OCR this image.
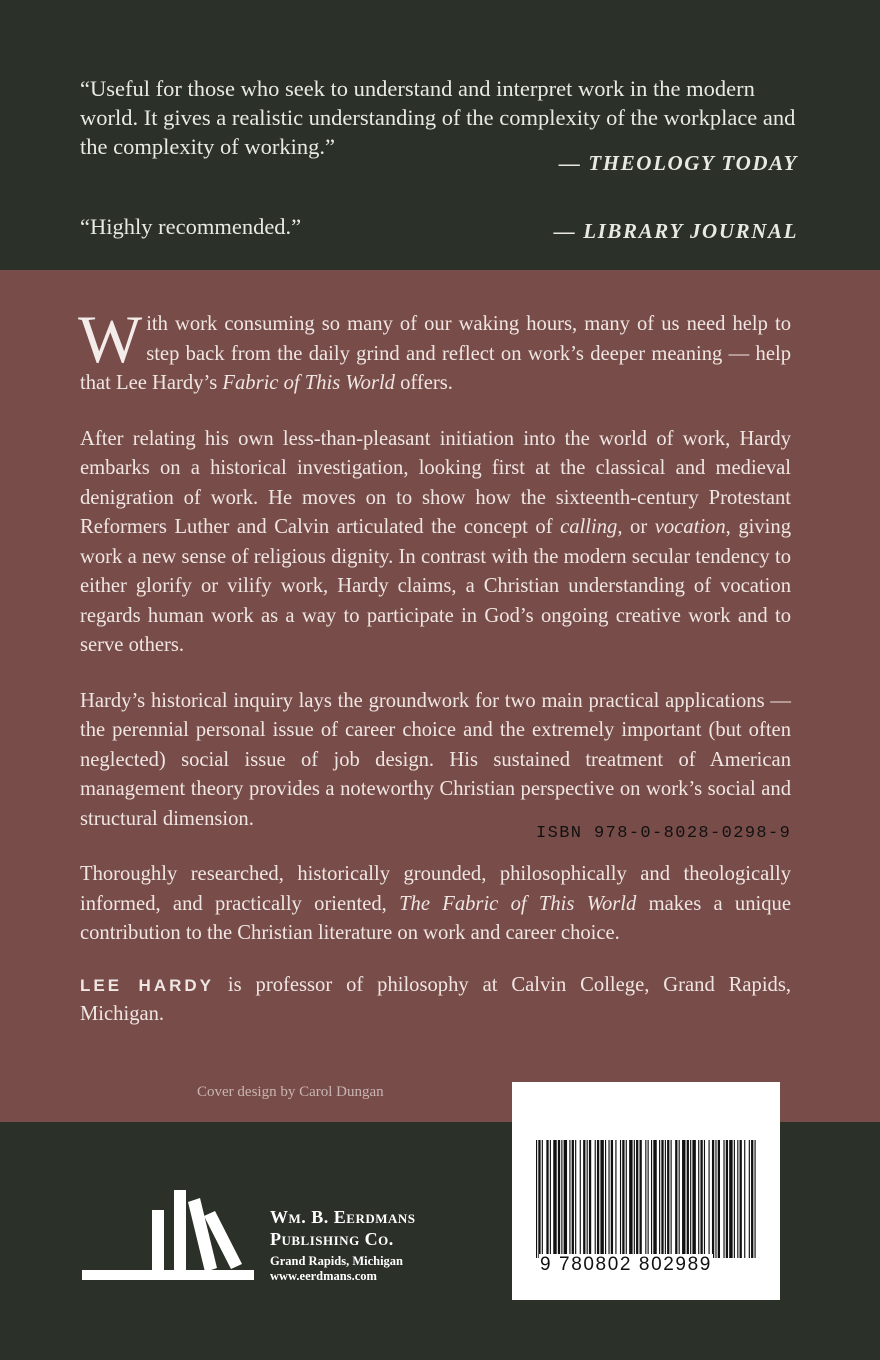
“Useful for those who seek to understand and interpret work in the modern world. It gives a realistic understanding of the complexity of the workplace and the complexity of working.”
— THEOLOGY TODAY
“Highly recommended.”	— LIBRARY JOURNAL

With work consuming so many of our waking hours, many of us need help to step back from the daily grind and reflect on work’s deeper meaning — help that Lee Hardy’s Fabric of This World offers.

After relating his own less-than-pleasant initiation into the world of work, Hardy embarks on a historical investigation, looking first at the classical and medieval denigration of work. He moves on to show how the sixteenth-century Protestant Reformers Luther and Calvin articulated the concept of calling, or vocation, giving work a new sense of religious dignity. In contrast with the modern secular tendency to either glorify or vilify work, Hardy claims, a Christian understanding of vocation regards human work as a way to participate in God’s ongoing creative work and to serve others.

Hardy’s historical inquiry lays the groundwork for two main practical applications — the perennial personal issue of career choice and the extremely important (but often neglected) social issue of job design. His sustained treatment of American management theory provides a noteworthy Christian perspective on work’s social and structural dimension.

Thoroughly researched, historically grounded, philosophically and theologically informed, and practically oriented, The Fabric of This World makes a unique contribution to the Christian literature on work and career choice.

LEE HARDY is professor of philosophy at Calvin College, Grand Rapids, Michigan.

Cover design by Carol Dungan
Wm. B. Eerdmans
Publishing Co.
Grand Rapids, Michigan
www.eerdmans.com
ISBN 978-0-8028-0298-9
9 780802 802989
